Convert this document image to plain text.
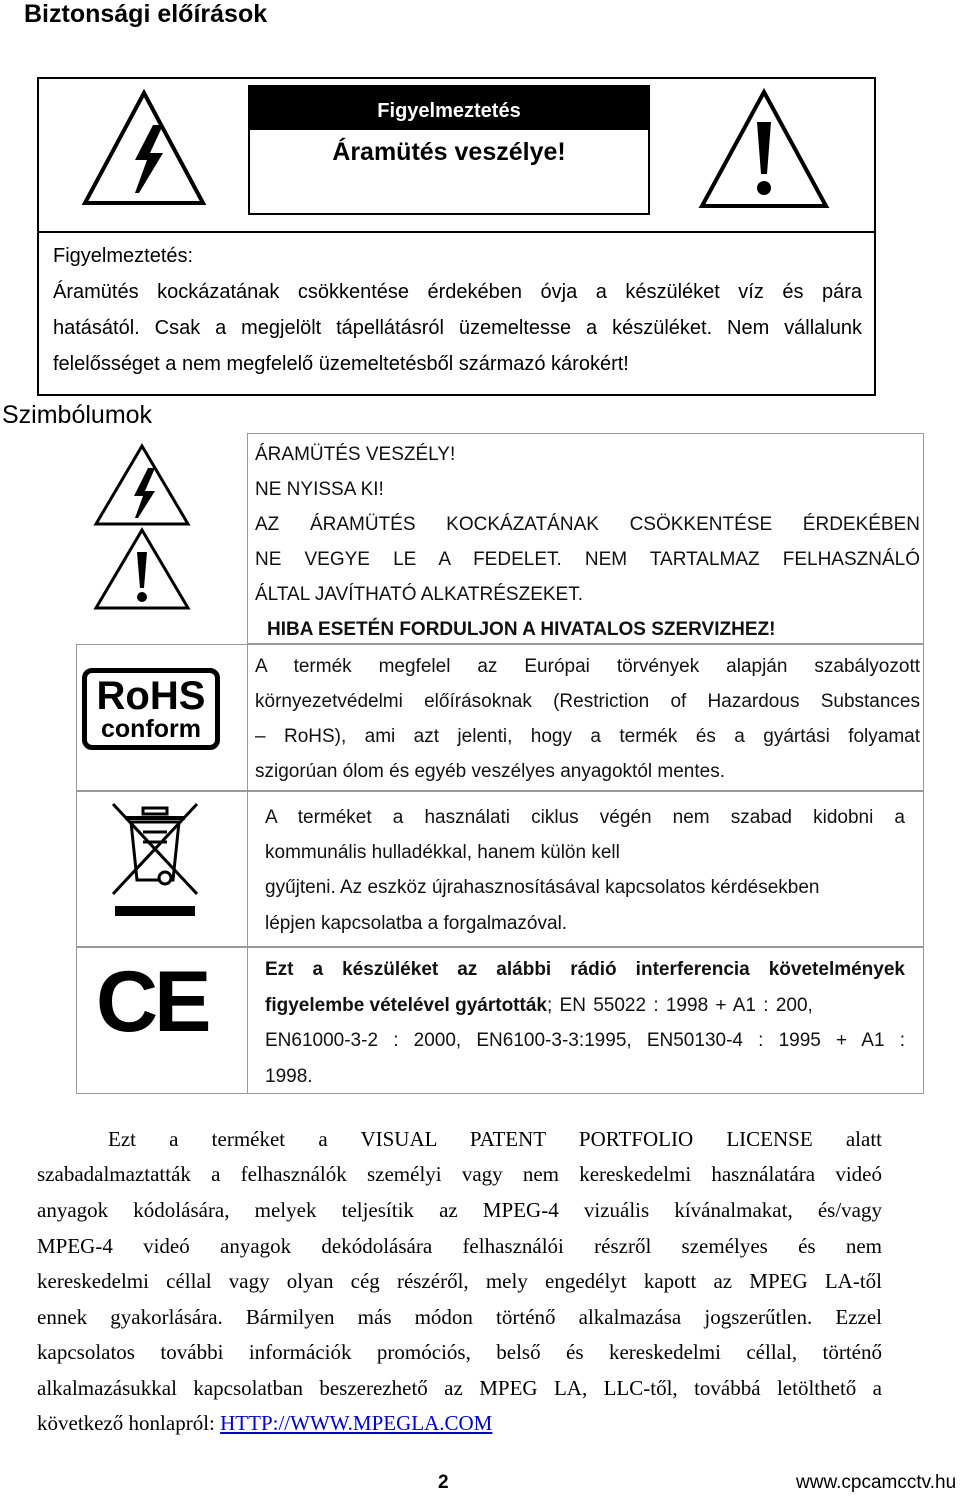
Biztonsági előírások
Figyelmeztetés
Áramütés veszélye!
Figyelmeztetés:
Áramütés kockázatának csökkentése érdekében óvja a készüléket víz és pára
hatásától. Csak a megjelölt tápellátásról üzemeltesse a készüléket. Nem vállalunk
felelősséget a nem megfelelő üzemeltetésből származó károkért!
Szimbólumok
ÁRAMÜTÉS VESZÉLY!
NE NYISSA KI!
AZ ÁRAMÜTÉS KOCKÁZATÁNAK CSÖKKENTÉSE ÉRDEKÉBEN
NE VEGYE LE A FEDELET. NEM TARTALMAZ FELHASZNÁLÓ
ÁLTAL JAVÍTHATÓ ALKATRÉSZEKET.
HIBA ESETÉN FORDULJON A HIVATALOS SZERVIZHEZ!
RoHS
conform
A termék megfelel az Európai törvények alapján szabályozott
környezetvédelmi előírásoknak (Restriction of Hazardous Substances
– RoHS), ami azt jelenti, hogy a termék és a gyártási folyamat
szigorúan ólom és egyéb veszélyes anyagoktól mentes.
A terméket a használati ciklus végén nem szabad kidobni a
kommunális hulladékkal, hanem külön kell
gyűjteni. Az eszköz újrahasznosításával kapcsolatos kérdésekben
lépjen kapcsolatba a forgalmazóval.
CE	Ezt a készüléket az alábbi rádió interferencia követelmények
figyelembe vételével gyártották ; EN 55022 : 1998 + A1 : 200,
EN61000-3-2 : 2000, EN6100-3-3:1995, EN50130-4 : 1995 + A1 :
1998.
Ezt a terméket a VISUAL PATENT PORTFOLIO LICENSE alatt
szabadalmaztatták a felhasználók személyi vagy nem kereskedelmi használatára videó
anyagok kódolására, melyek teljesítik az MPEG-4 vizuális kívánalmakat, és/vagy
MPEG-4 videó anyagok dekódolására felhasználói részről személyes és nem
kereskedelmi céllal vagy olyan cég részéről, mely engedélyt kapott az MPEG LA-től
ennek gyakorlására. Bármilyen más módon történő alkalmazása jogszerűtlen. Ezzel
kapcsolatos további információk promóciós, belső és kereskedelmi céllal, történő
alkalmazásukkal kapcsolatban beszerezhető az MPEG LA, LLC-től, továbbá letölthető a
következő honlapról: HTTP://WWW.MPEGLA.COM
2	www.cpcamcctv.hu
